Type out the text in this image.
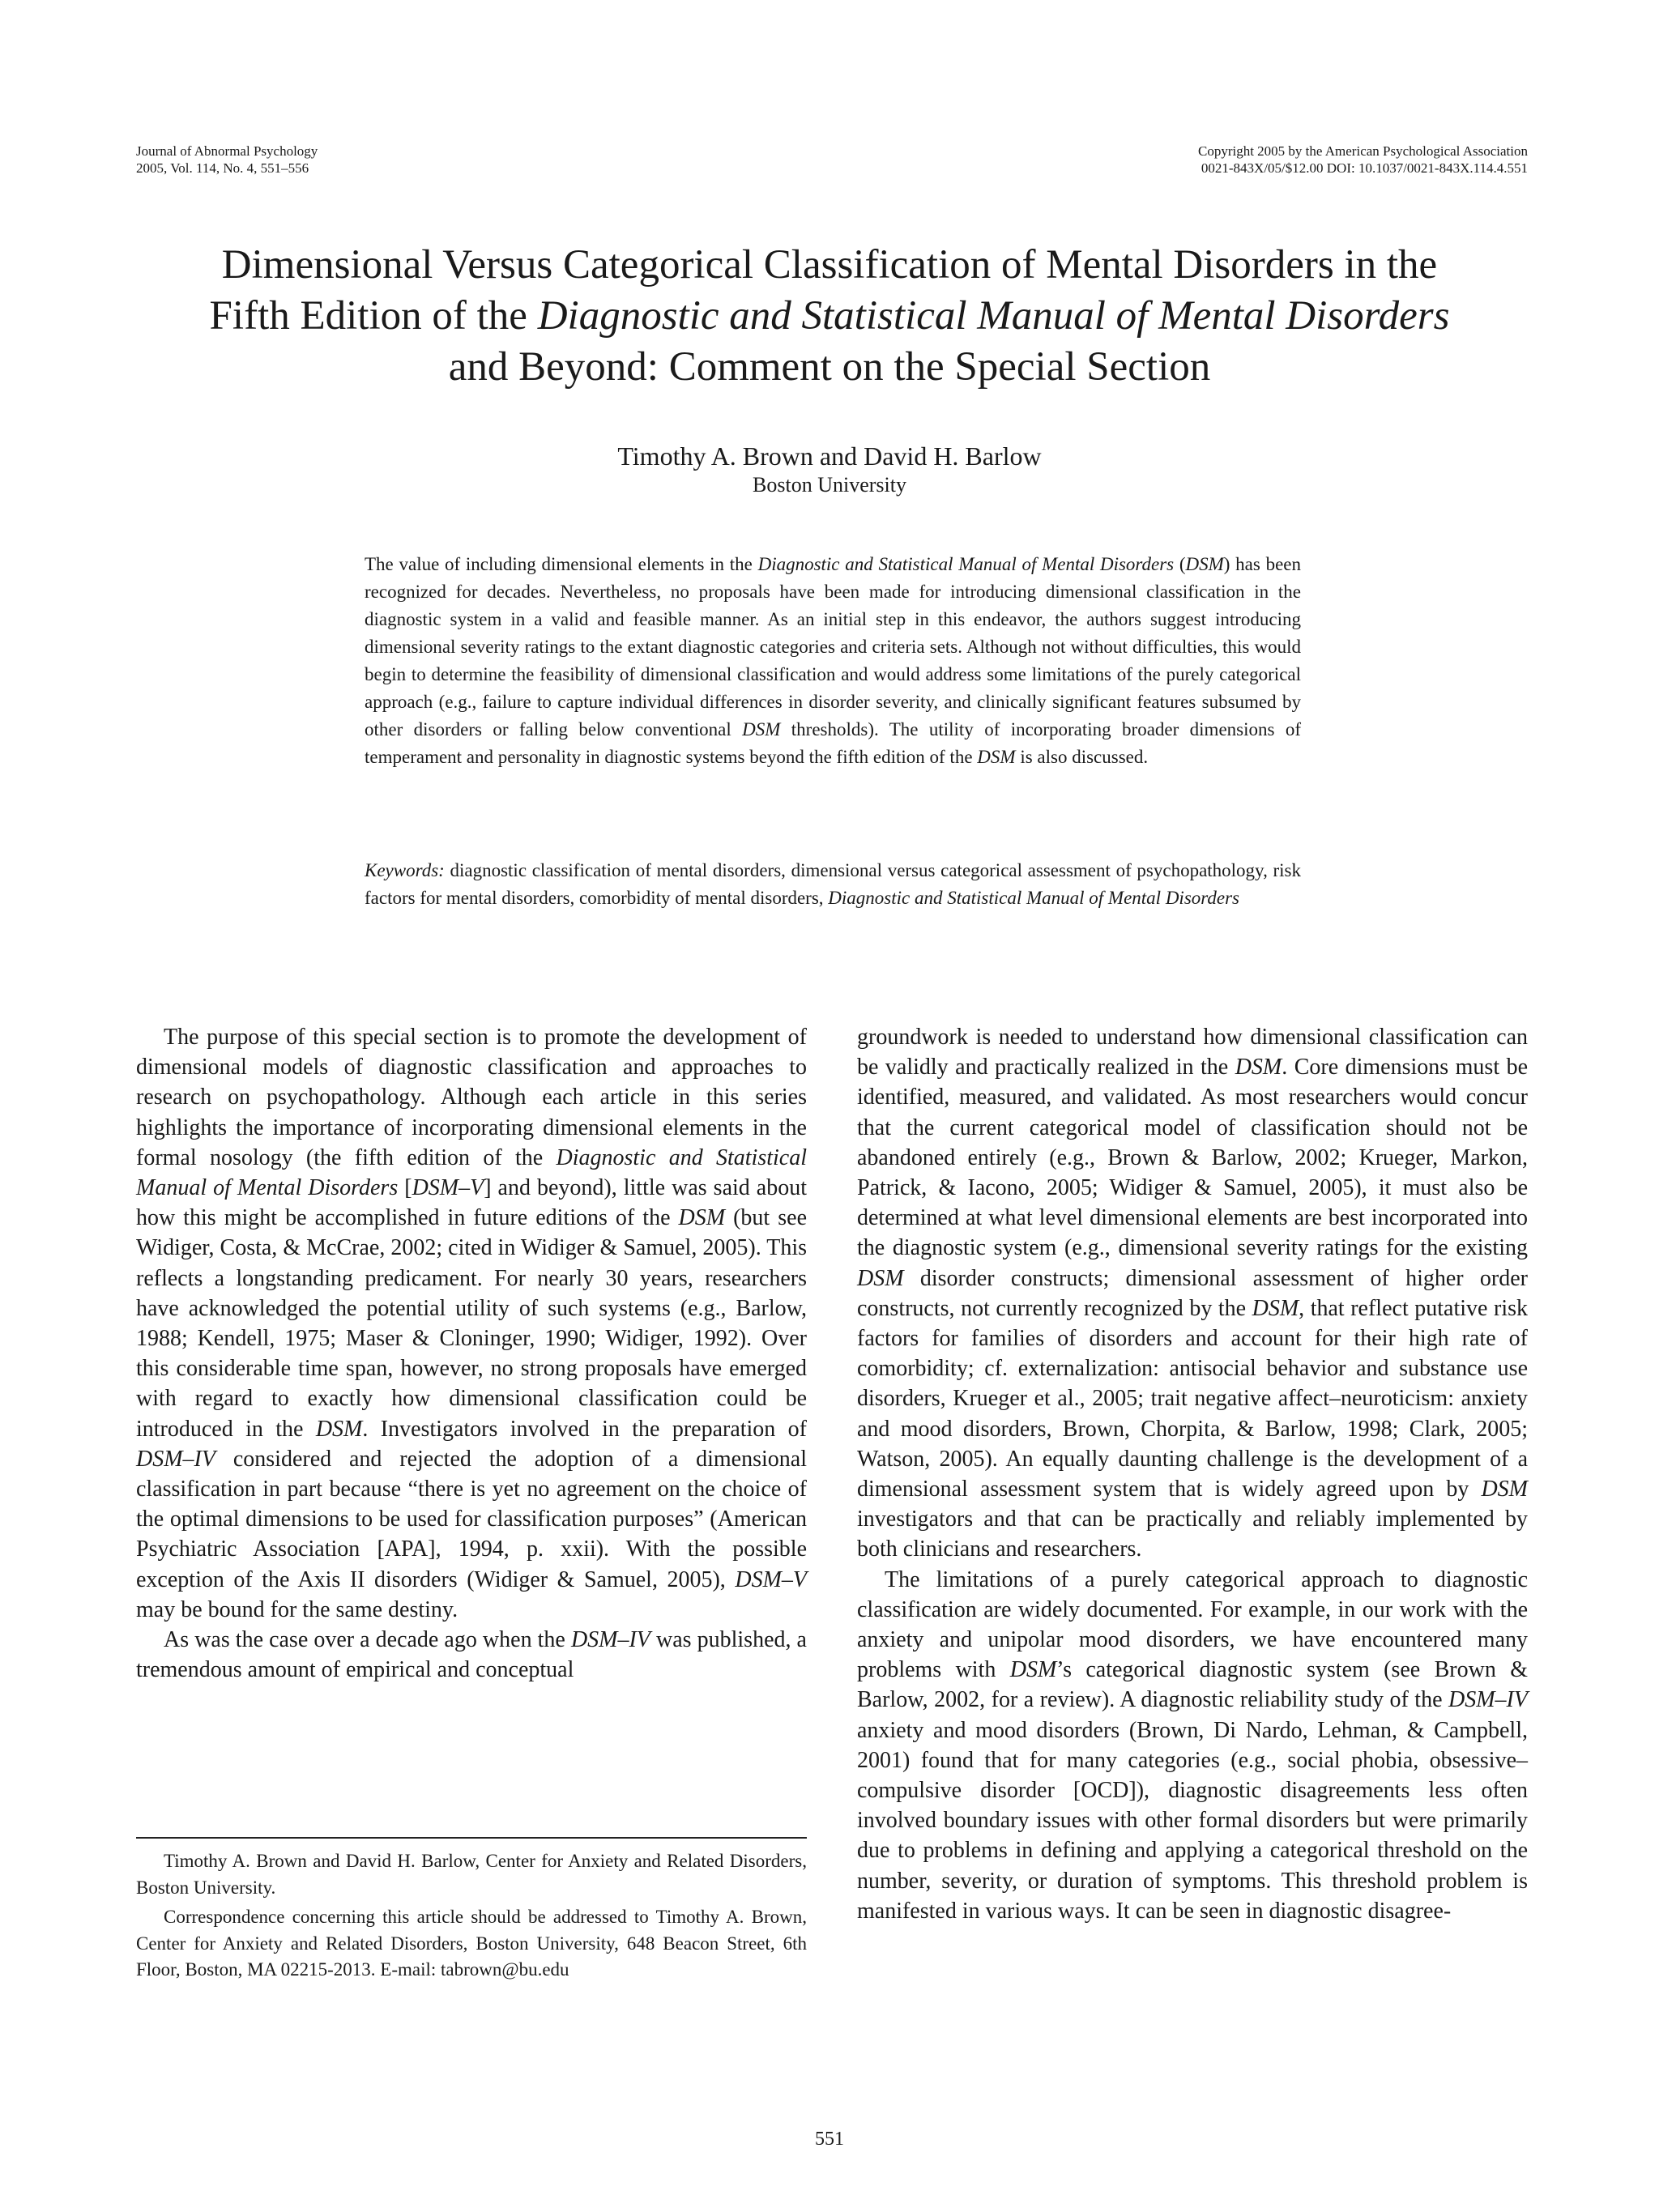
Journal of Abnormal Psychology
2005, Vol. 114, No. 4, 551–556
Copyright 2005 by the American Psychological Association
0021-843X/05/$12.00 DOI: 10.1037/0021-843X.114.4.551
Dimensional Versus Categorical Classification of Mental Disorders in the
Fifth Edition of the Diagnostic and Statistical Manual of Mental Disorders
and Beyond: Comment on the Special Section
Timothy A. Brown and David H. Barlow
Boston University
The value of including dimensional elements in the Diagnostic and Statistical Manual of Mental Disorders (DSM) has been recognized for decades. Nevertheless, no proposals have been made for introducing dimensional classification in the diagnostic system in a valid and feasible manner. As an initial step in this endeavor, the authors suggest introducing dimensional severity ratings to the extant diagnostic categories and criteria sets. Although not without difficulties, this would begin to determine the feasibility of dimensional classification and would address some limitations of the purely categorical approach (e.g., failure to capture individual differences in disorder severity, and clinically significant features subsumed by other disorders or falling below conventional DSM thresholds). The utility of incorporating broader dimensions of temperament and personality in diagnostic systems beyond the fifth edition of the DSM is also discussed.
Keywords: diagnostic classification of mental disorders, dimensional versus categorical assessment of psychopathology, risk factors for mental disorders, comorbidity of mental disorders, Diagnostic and Statistical Manual of Mental Disorders

The purpose of this special section is to promote the development of dimensional models of diagnostic classification and approaches to research on psychopathology. Although each article in this series highlights the importance of incorporating dimensional elements in the formal nosology (the fifth edition of the Diagnostic and Statistical Manual of Mental Disorders [DSM–V] and beyond), little was said about how this might be accomplished in future editions of the DSM (but see Widiger, Costa, & McCrae, 2002; cited in Widiger & Samuel, 2005). This reflects a longstanding predicament. For nearly 30 years, researchers have acknowledged the potential utility of such systems (e.g., Barlow, 1988; Kendell, 1975; Maser & Cloninger, 1990; Widiger, 1992). Over this considerable time span, however, no strong proposals have emerged with regard to exactly how dimensional classification could be introduced in the DSM. Investigators involved in the preparation of DSM–IV considered and rejected the adoption of a dimensional classification in part because “there is yet no agreement on the choice of the optimal dimensions to be used for classification purposes” (American Psychiatric Association [APA], 1994, p. xxii). With the possible exception of the Axis II disorders (Widiger & Samuel, 2005), DSM–V may be bound for the same destiny.

As was the case over a decade ago when the DSM–IV was published, a tremendous amount of empirical and conceptual

Timothy A. Brown and David H. Barlow, Center for Anxiety and Related Disorders, Boston University.

Correspondence concerning this article should be addressed to Timothy A. Brown, Center for Anxiety and Related Disorders, Boston University, 648 Beacon Street, 6th Floor, Boston, MA 02215-2013. E-mail: tabrown@bu.edu

groundwork is needed to understand how dimensional classification can be validly and practically realized in the DSM. Core dimensions must be identified, measured, and validated. As most researchers would concur that the current categorical model of classification should not be abandoned entirely (e.g., Brown & Barlow, 2002; Krueger, Markon, Patrick, & Iacono, 2005; Widiger & Samuel, 2005), it must also be determined at what level dimensional elements are best incorporated into the diagnostic system (e.g., dimensional severity ratings for the existing DSM disorder constructs; dimensional assessment of higher order constructs, not currently recognized by the DSM, that reflect putative risk factors for families of disorders and account for their high rate of comorbidity; cf. externalization: antisocial behavior and substance use disorders, Krueger et al., 2005; trait negative affect–neuroticism: anxiety and mood disorders, Brown, Chorpita, & Barlow, 1998; Clark, 2005; Watson, 2005). An equally daunting challenge is the development of a dimensional assessment system that is widely agreed upon by DSM investigators and that can be practically and reliably implemented by both clinicians and researchers.

The limitations of a purely categorical approach to diagnostic classification are widely documented. For example, in our work with the anxiety and unipolar mood disorders, we have encountered many problems with DSM’s categorical diagnostic system (see Brown & Barlow, 2002, for a review). A diagnostic reliability study of the DSM–IV anxiety and mood disorders (Brown, Di Nardo, Lehman, & Campbell, 2001) found that for many categories (e.g., social phobia, obsessive–compulsive disorder [OCD]), diagnostic disagreements less often involved boundary issues with other formal disorders but were primarily due to problems in defining and applying a categorical threshold on the number, severity, or duration of symptoms. This threshold problem is manifested in various ways. It can be seen in diagnostic disagree-

551
